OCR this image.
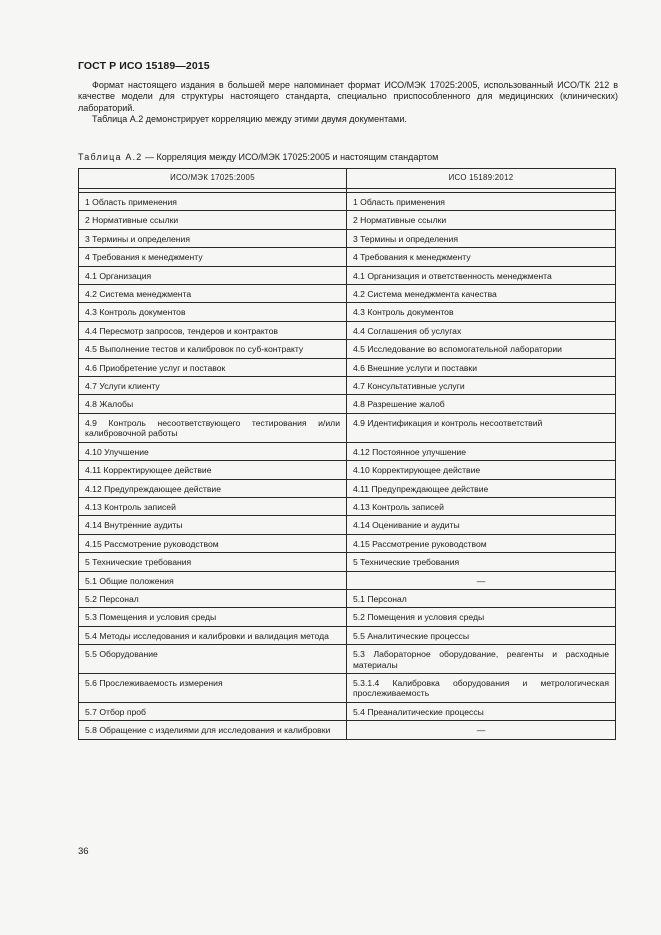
ГОСТ Р ИСО 15189—2015

Формат настоящего издания в большей мере напоминает формат ИСО/МЭК 17025:2005, использованный ИСО/ТК 212 в качестве модели для структуры настоящего стандарта, специально приспособленного для медицинских (клинических) лабораторий.

Таблица А.2 демонстрирует корреляцию между этими двумя документами.

Таблица А.2 — Корреляция между ИСО/МЭК 17025:2005 и настоящим стандартом
ИСО/МЭК 17025:2005	ИСО 15189:2012

1 Область применения	1 Область применения
2 Нормативные ссылки	2 Нормативные ссылки
3 Термины и определения	3 Термины и определения
4 Требования к менеджменту	4 Требования к менеджменту
4.1 Организация	4.1 Организация и ответственность менеджмента
4.2 Система менеджмента	4.2 Система менеджмента качества
4.3 Контроль документов	4.3 Контроль документов
4.4 Пересмотр запросов, тендеров и контрактов	4.4 Соглашения об услугах
4.5 Выполнение тестов и калибровок по суб-контракту	4.5 Исследование во вспомогательной лаборатории
4.6 Приобретение услуг и поставок	4.6 Внешние услуги и поставки
4.7 Услуги клиенту	4.7 Консультативные услуги
4.8 Жалобы	4.8 Разрешение жалоб
4.9 Контроль несоответствующего тестирования и/или калибровочной работы	4.9 Идентификация и контроль несоответствий
4.10 Улучшение	4.12 Постоянное улучшение
4.11 Корректирующее действие	4.10 Корректирующее действие
4.12 Предупреждающее действие	4.11 Предупреждающее действие
4.13 Контроль записей	4.13 Контроль записей
4.14 Внутренние аудиты	4.14 Оценивание и аудиты
4.15 Рассмотрение руководством	4.15 Рассмотрение руководством
5 Технические требования	5 Технические требования
5.1 Общие положения	—
5.2 Персонал	5.1 Персонал
5.3 Помещения и условия среды	5.2 Помещения и условия среды
5.4 Методы исследования и калибровки и валидация метода	5.5 Аналитические процессы
5.5 Оборудование	5.3 Лабораторное оборудование, реагенты и расходные материалы
5.6 Прослеживаемость измерения	5.3.1.4 Калибровка оборудования и метрологическая прослеживаемость
5.7 Отбор проб	5.4 Преаналитические процессы
5.8 Обращение с изделиями для исследования и калибровки	—
36
